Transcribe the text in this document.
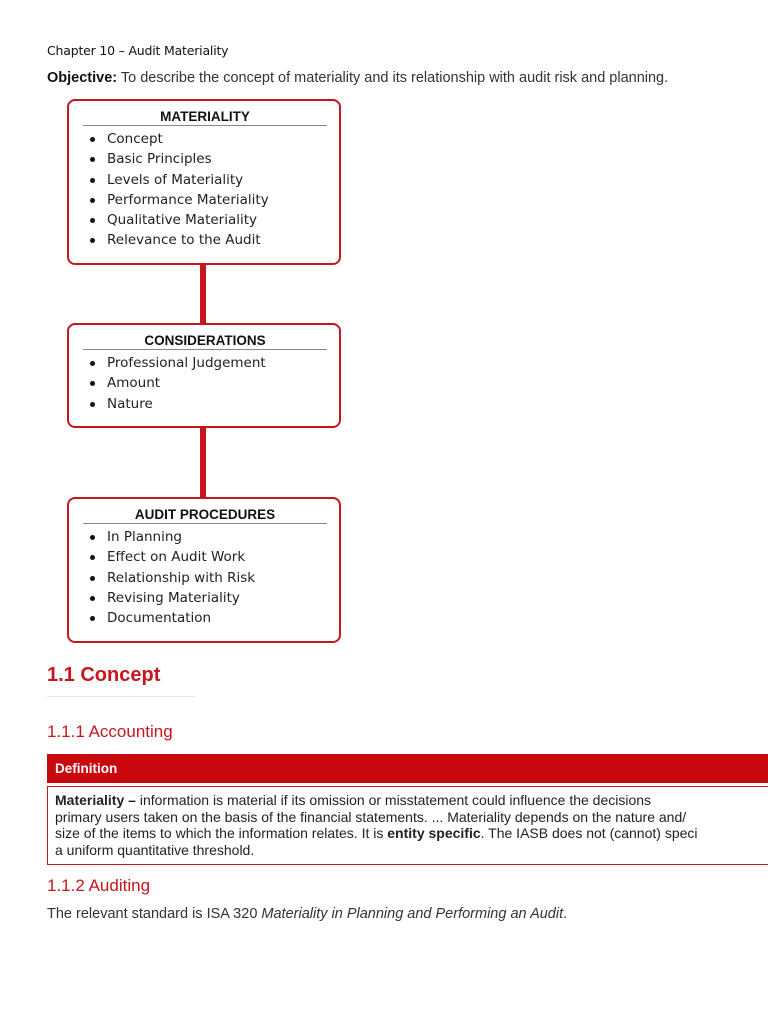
Chapter 10 – Audit Materiality
Objective: To describe the concept of materiality and its relationship with audit risk and planning.
MATERIALITY
Concept
Basic Principles
Levels of Materiality
Performance Materiality
Qualitative Materiality
Relevance to the Audit
CONSIDERATIONS
Professional Judgement
Amount
Nature
AUDIT PROCEDURES
In Planning
Effect on Audit Work
Relationship with Risk
Revising Materiality
Documentation
1.1 Concept
1.1.1 Accounting
Definition
Materiality – information is material if its omission or misstatement could influence the decisions
primary users taken on the basis of the financial statements. ... Materiality depends on the nature and/
size of the items to which the information relates. It is entity specific. The IASB does not (cannot) speci
a uniform quantitative threshold.
1.1.2 Auditing
The relevant standard is ISA 320 Materiality in Planning and Performing an Audit.
